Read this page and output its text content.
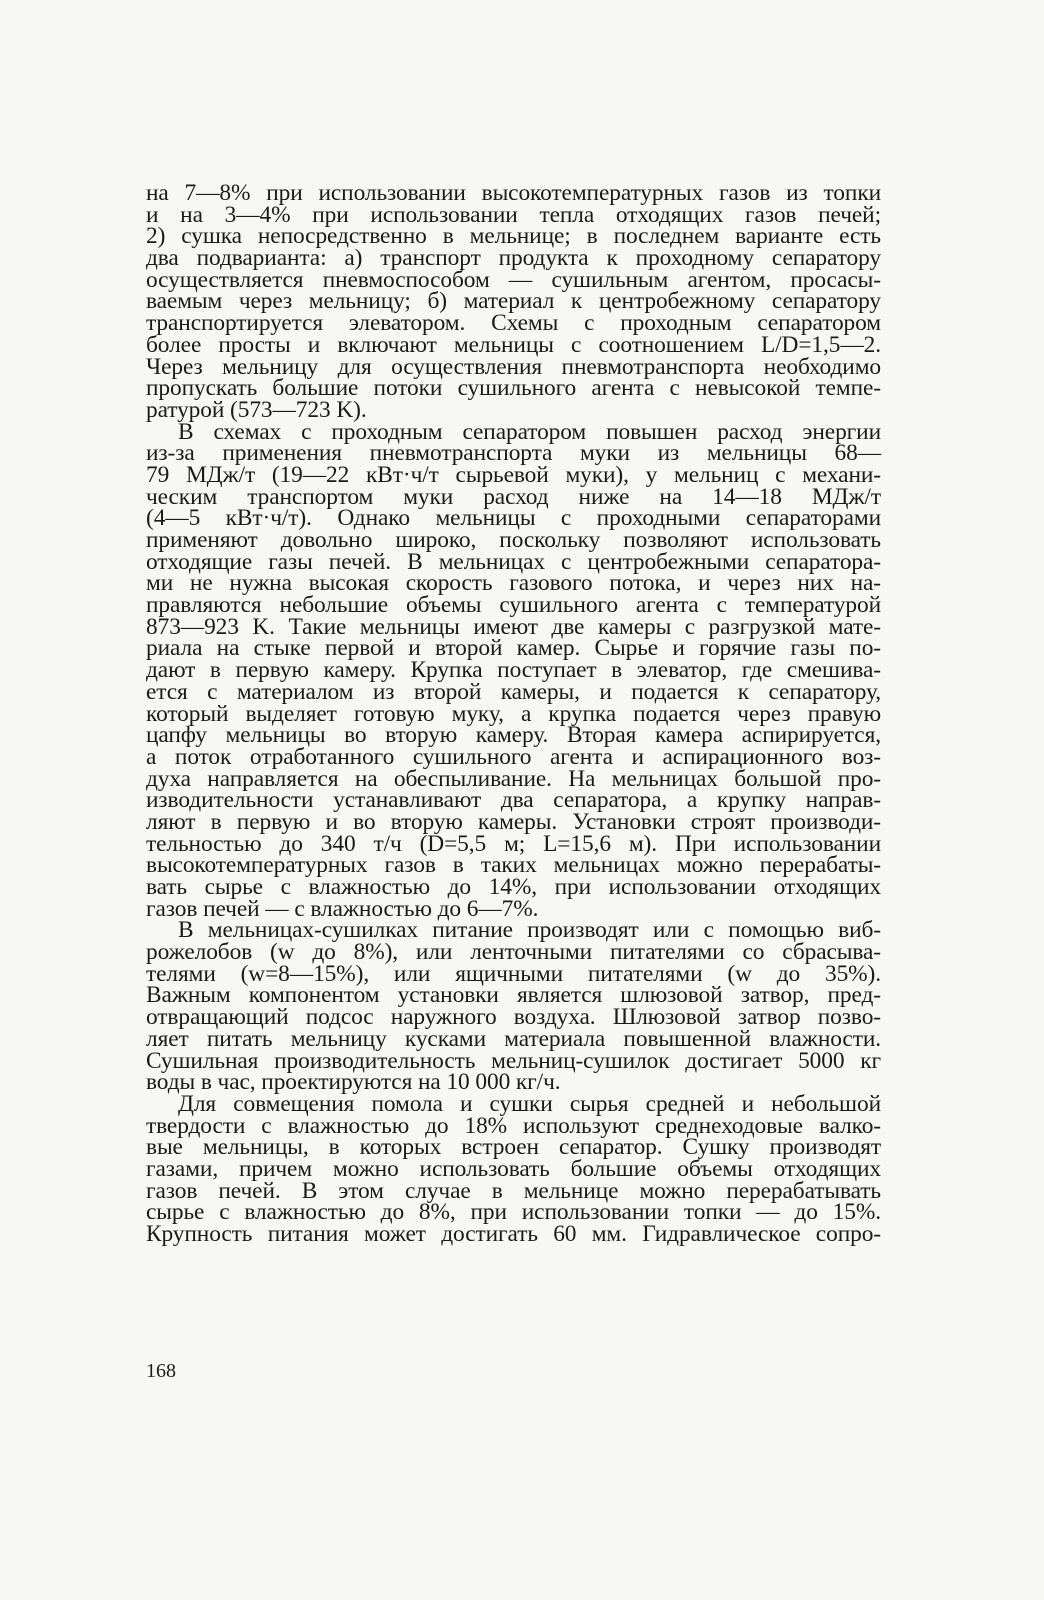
на 7—8% при использовании высокотемпературных газов из топки
и на 3—4% при использовании тепла отходящих газов печей;
2) сушка непосредственно в мельнице; в последнем варианте есть
два подварианта: а) транспорт продукта к проходному сепаратору
осуществляется пневмоспособом — сушильным агентом, просасы-
ваемым через мельницу; б) материал к центробежному сепаратору
транспортируется элеватором. Схемы с проходным сепаратором
более просты и включают мельницы с соотношением L/D=1,5—2.
Через мельницу для осуществления пневмотранспорта необходимо
пропускать большие потоки сушильного агента с невысокой темпе-
ратурой (573—723 K).
В схемах с проходным сепаратором повышен расход энергии
из-за применения пневмотранспорта муки из мельницы 68—
79 МДж/т (19—22 кВт·ч/т сырьевой муки), у мельниц с механи-
ческим транспортом муки расход ниже на 14—18 МДж/т
(4—5 кВт·ч/т). Однако мельницы с проходными сепараторами
применяют довольно широко, поскольку позволяют использовать
отходящие газы печей. В мельницах с центробежными сепаратора-
ми не нужна высокая скорость газового потока, и через них на-
правляются небольшие объемы сушильного агента с температурой
873—923 K. Такие мельницы имеют две камеры с разгрузкой мате-
риала на стыке первой и второй камер. Сырье и горячие газы по-
дают в первую камеру. Крупка поступает в элеватор, где смешива-
ется с материалом из второй камеры, и подается к сепаратору,
который выделяет готовую муку, а крупка подается через правую
цапфу мельницы во вторую камеру. Вторая камера аспирируется,
а поток отработанного сушильного агента и аспирационного воз-
духа направляется на обеспыливание. На мельницах большой про-
изводительности устанавливают два сепаратора, а крупку направ-
ляют в первую и во вторую камеры. Установки строят производи-
тельностью до 340 т/ч (D=5,5 м; L=15,6 м). При использовании
высокотемпературных газов в таких мельницах можно перерабаты-
вать сырье с влажностью до 14%, при использовании отходящих
газов печей — с влажностью до 6—7%.
В мельницах-сушилках питание производят или с помощью виб-
рожелобов (w до 8%), или ленточными питателями со сбрасыва-
телями (w=8—15%), или ящичными питателями (w до 35%).
Важным компонентом установки является шлюзовой затвор, пред-
отвращающий подсос наружного воздуха. Шлюзовой затвор позво-
ляет питать мельницу кусками материала повышенной влажности.
Сушильная производительность мельниц-сушилок достигает 5000 кг
воды в час, проектируются на 10 000 кг/ч.
Для совмещения помола и сушки сырья средней и небольшой
твердости с влажностью до 18% используют среднеходовые валко-
вые мельницы, в которых встроен сепаратор. Сушку производят
газами, причем можно использовать большие объемы отходящих
газов печей. В этом случае в мельнице можно перерабатывать
сырье с влажностью до 8%, при использовании топки — до 15%.
Крупность питания может достигать 60 мм. Гидравлическое сопро-
168
